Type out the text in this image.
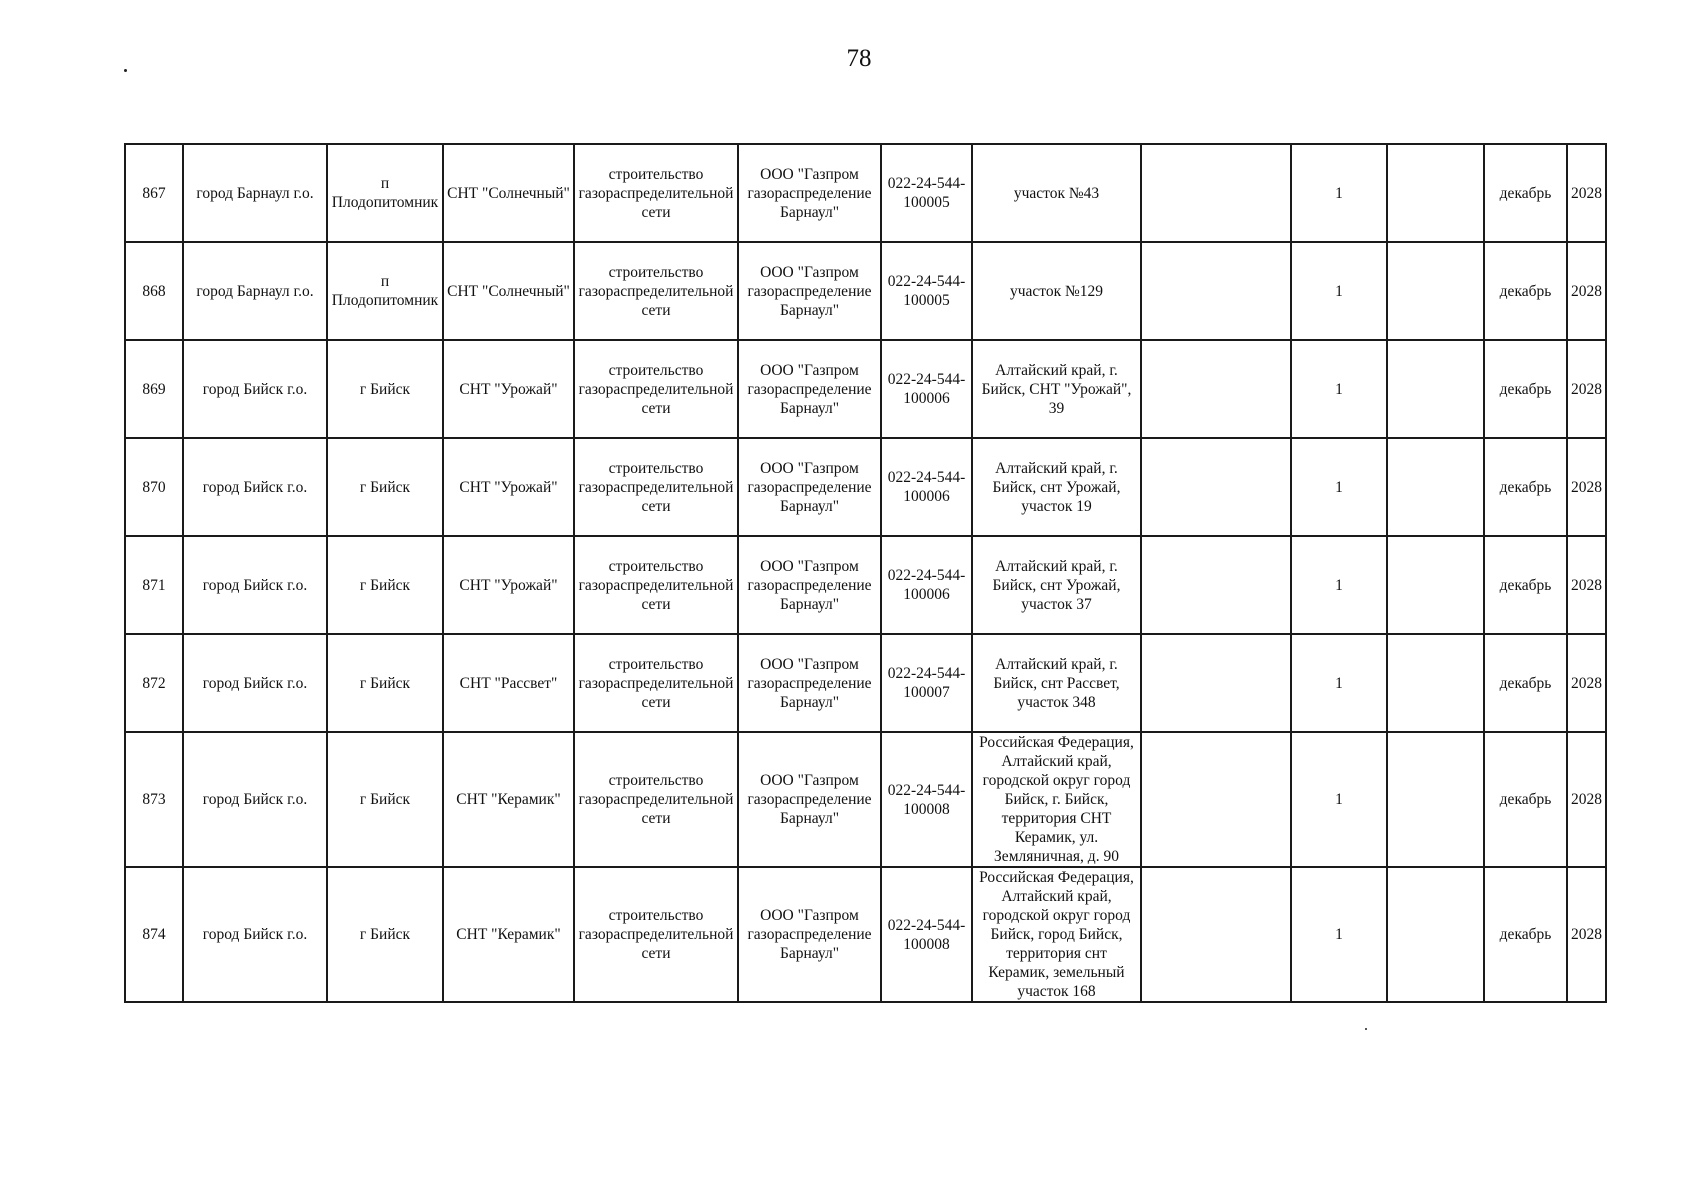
78
867	город Барнаул г.о.	п Плодопитомник	СНТ "Солнечный"	строительство газораспределительной сети	ООО "Газпром газораспределение Барнаул"	022-24-544-100005	участок №43		1		декабрь	2028
868	город Барнаул г.о.	п Плодопитомник	СНТ "Солнечный"	строительство газораспределительной сети	ООО "Газпром газораспределение Барнаул"	022-24-544-100005	участок №129		1		декабрь	2028
869	город Бийск г.о.	г Бийск	СНТ "Урожай"	строительство газораспределительной сети	ООО "Газпром газораспределение Барнаул"	022-24-544-100006	Алтайский край, г. Бийск, СНТ "Урожай", 39		1		декабрь	2028
870	город Бийск г.о.	г Бийск	СНТ "Урожай"	строительство газораспределительной сети	ООО "Газпром газораспределение Барнаул"	022-24-544-100006	Алтайский край, г. Бийск, снт Урожай, участок 19		1		декабрь	2028
871	город Бийск г.о.	г Бийск	СНТ "Урожай"	строительство газораспределительной сети	ООО "Газпром газораспределение Барнаул"	022-24-544-100006	Алтайский край, г. Бийск, снт Урожай, участок 37		1		декабрь	2028
872	город Бийск г.о.	г Бийск	СНТ "Рассвет"	строительство газораспределительной сети	ООО "Газпром газораспределение Барнаул"	022-24-544-100007	Алтайский край, г. Бийск, снт Рассвет, участок 348		1		декабрь	2028
873	город Бийск г.о.	г Бийск	СНТ "Керамик"	строительство газораспределительной сети	ООО "Газпром газораспределение Барнаул"	022-24-544-100008	Российская Федерация, Алтайский край, городской округ город Бийск, г. Бийск, территория СНТ Керамик, ул. Земляничная, д. 90		1		декабрь	2028
874	город Бийск г.о.	г Бийск	СНТ "Керамик"	строительство газораспределительной сети	ООО "Газпром газораспределение Барнаул"	022-24-544-100008	Российская Федерация, Алтайский край, городской округ город Бийск, город Бийск, территория снт Керамик, земельный участок 168		1		декабрь	2028
